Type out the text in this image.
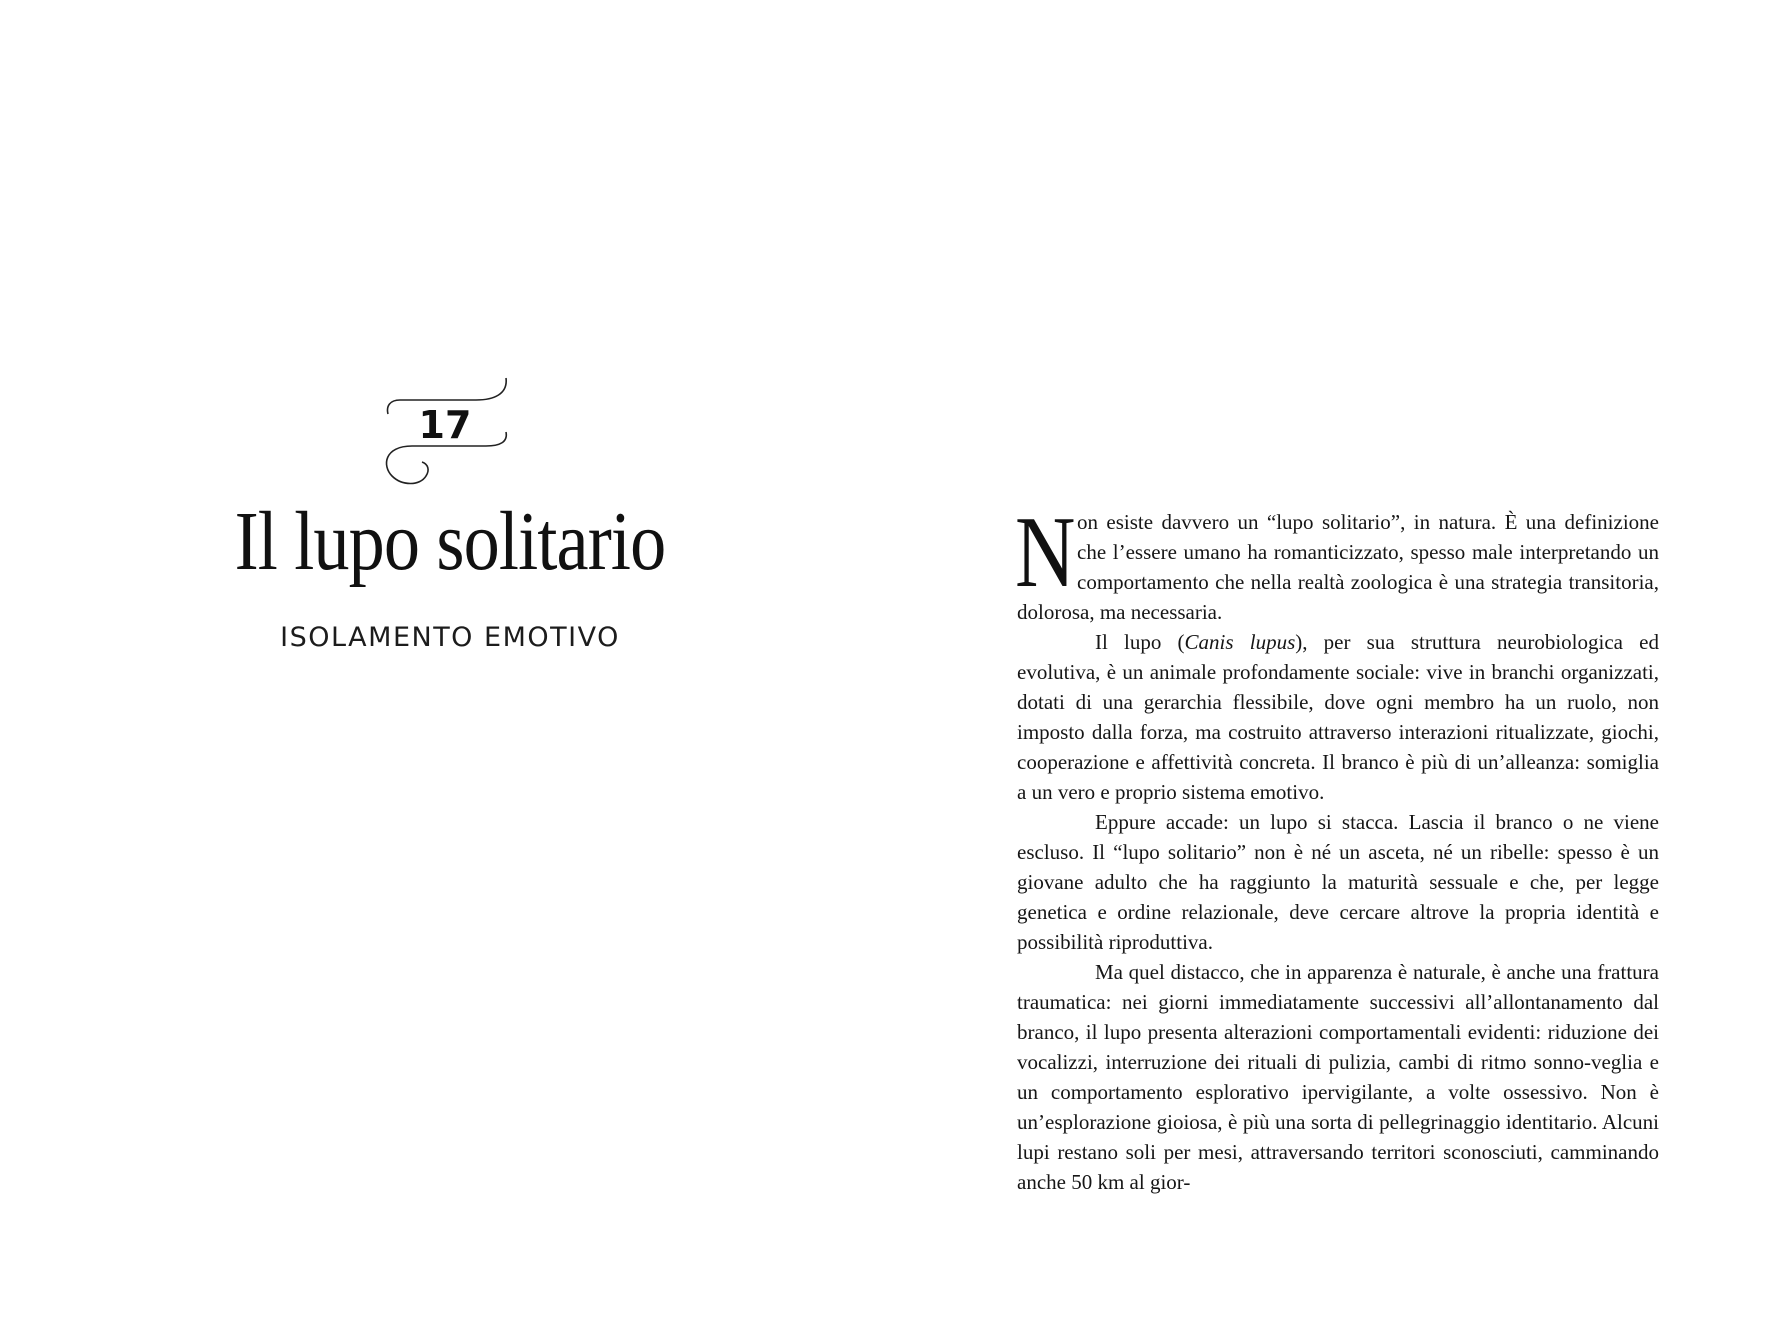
17
Il lupo solitario
ISOLAMENTO EMOTIVO

Non esiste davvero un “lupo solitario”, in natura. È una definizione che l’essere umano ha romanticizzato, spesso male interpretando un comportamento che nella realtà zoologica è una strategia transitoria, dolorosa, ma necessaria.

Il lupo (Canis lupus), per sua struttura neurobiologica ed evolutiva, è un animale profondamente sociale: vive in branchi organizzati, dotati di una gerarchia flessibile, dove ogni membro ha un ruolo, non imposto dalla forza, ma costruito attraverso interazioni ritualizzate, giochi, cooperazione e affettività concreta. Il branco è più di un’alleanza: somiglia a un vero e proprio sistema emotivo.

Eppure accade: un lupo si stacca. Lascia il branco o ne viene escluso. Il “lupo solitario” non è né un asceta, né un ribelle: spesso è un giovane adulto che ha raggiunto la maturità sessuale e che, per legge genetica e ordine relazionale, deve cercare altrove la propria identità e possibilità riproduttiva.

Ma quel distacco, che in apparenza è naturale, è anche una frattura traumatica: nei giorni immediatamente successivi all’allontanamento dal branco, il lupo presenta alterazioni comportamentali evidenti: riduzione dei vocalizzi, interruzione dei rituali di pulizia, cambi di ritmo sonno-veglia e un comportamento esplorativo ipervigilante, a volte ossessivo. Non è un’esplorazione gioiosa, è più una sorta di pellegrinaggio identitario. Alcuni lupi restano soli per mesi, attraversando territori sconosciuti, camminando anche 50 km al gior-
